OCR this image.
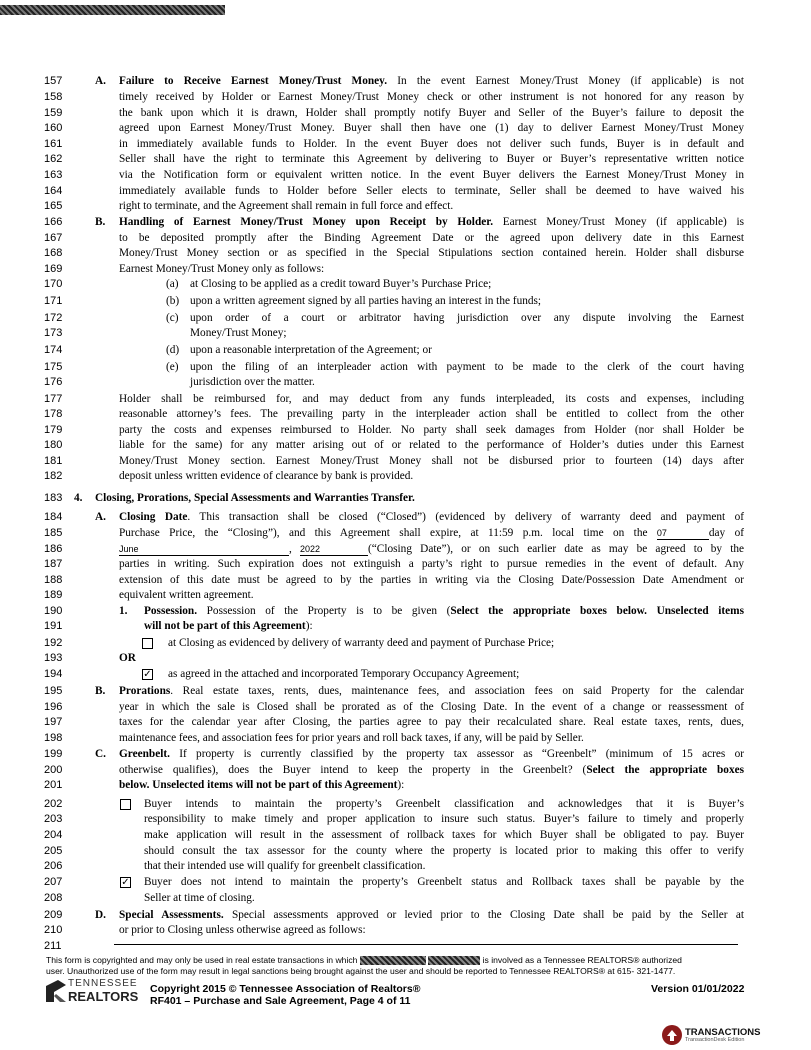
157	A. Failure to Receive Earnest Money/Trust Money. In the event Earnest Money/Trust Money (if applicable) is not
158	timely received by Holder or Earnest Money/Trust Money check or other instrument is not honored for any reason by
159	the bank upon which it is drawn, Holder shall promptly notify Buyer and Seller of the Buyer’s failure to deposit the
160	agreed upon Earnest Money/Trust Money. Buyer shall then have one (1) day to deliver Earnest Money/Trust Money
161	in immediately available funds to Holder. In the event Buyer does not deliver such funds, Buyer is in default and
162	Seller shall have the right to terminate this Agreement by delivering to Buyer or Buyer’s representative written notice
163	via the Notification form or equivalent written notice. In the event Buyer delivers the Earnest Money/Trust Money in
164	immediately available funds to Holder before Seller elects to terminate, Seller shall be deemed to have waived his
165	right to terminate, and the Agreement shall remain in full force and effect.
166	B. Handling of Earnest Money/Trust Money upon Receipt by Holder. Earnest Money/Trust Money (if applicable) is
167	to be deposited promptly after the Binding Agreement Date or the agreed upon delivery date in this Earnest
168	Money/Trust Money section or as specified in the Special Stipulations section contained herein. Holder shall disburse
169	Earnest Money/Trust Money only as follows:
170	(a) at Closing to be applied as a credit toward Buyer’s Purchase Price;
171	(b) upon a written agreement signed by all parties having an interest in the funds;
172	(c) upon order of a court or arbitrator having jurisdiction over any dispute involving the Earnest
173	Money/Trust Money;
174	(d) upon a reasonable interpretation of the Agreement; or
175	(e) upon the filing of an interpleader action with payment to be made to the clerk of the court having
176	jurisdiction over the matter.
177	Holder shall be reimbursed for, and may deduct from any funds interpleaded, its costs and expenses, including
178	reasonable attorney’s fees. The prevailing party in the interpleader action shall be entitled to collect from the other
179	party the costs and expenses reimbursed to Holder. No party shall seek damages from Holder (nor shall Holder be
180	liable for the same) for any matter arising out of or related to the performance of Holder’s duties under this Earnest
181	Money/Trust Money section. Earnest Money/Trust Money shall not be disbursed prior to fourteen (14) days after
182	deposit unless written evidence of clearance by bank is provided.
183	4. Closing, Prorations, Special Assessments and Warranties Transfer.
184	A. Closing Date. This transaction shall be closed (“Closed”) (evidenced by delivery of warranty deed and payment of
185	Purchase Price, the “Closing”), and this Agreement shall expire, at 11:59 p.m. local time on the 07	day of
186	June	, 2022	(“Closing Date”), or on such earlier date as may be agreed to by the
187	parties in writing. Such expiration does not extinguish a party’s right to pursue remedies in the event of default. Any
188	extension of this date must be agreed to by the parties in writing via the Closing Date/Possession Date Amendment or
189	equivalent written agreement.
190	1. Possession. Possession of the Property is to be given (Select the appropriate boxes below. Unselected items
191	will not be part of this Agreement):
192	at Closing as evidenced by delivery of warranty deed and payment of Purchase Price;
193	OR
194	✓ as agreed in the attached and incorporated Temporary Occupancy Agreement;
195	B. Prorations. Real estate taxes, rents, dues, maintenance fees, and association fees on said Property for the calendar
196	year in which the sale is Closed shall be prorated as of the Closing Date. In the event of a change or reassessment of
197	taxes for the calendar year after Closing, the parties agree to pay their recalculated share. Real estate taxes, rents, dues,
198	maintenance fees, and association fees for prior years and roll back taxes, if any, will be paid by Seller.
199	C. Greenbelt. If property is currently classified by the property tax assessor as “Greenbelt” (minimum of 15 acres or
200	otherwise qualifies), does the Buyer intend to keep the property in the Greenbelt? (Select the appropriate boxes
201	below. Unselected items will not be part of this Agreement):
202	Buyer intends to maintain the property’s Greenbelt classification and acknowledges that it is Buyer’s
203	responsibility to make timely and proper application to insure such status. Buyer’s failure to timely and properly
204	make application will result in the assessment of rollback taxes for which Buyer shall be obligated to pay. Buyer
205	should consult the tax assessor for the county where the property is located prior to making this offer to verify
206	that their intended use will qualify for greenbelt classification.
207	✓ Buyer does not intend to maintain the property’s Greenbelt status and Rollback taxes shall be payable by the
208	Seller at time of closing.
209	D. Special Assessments. Special assessments approved or levied prior to the Closing Date shall be paid by the Seller at
210	or prior to Closing unless otherwise agreed as follows:
211
This form is copyrighted and may only be used in real estate transactions in which	is involved as a Tennessee REALTORS® authorized
user. Unauthorized use of the form may result in legal sanctions being brought against the user and should be reported to Tennessee REALTORS® at 615- 321-1477.
TENNESSEE
REALTORS Copyright 2015 © Tennessee Association of Realtors®
RF401 – Purchase and Sale Agreement, Page 4 of 11
Version 01/01/2022
TRANSACTIONS
TransactionDesk Edition
